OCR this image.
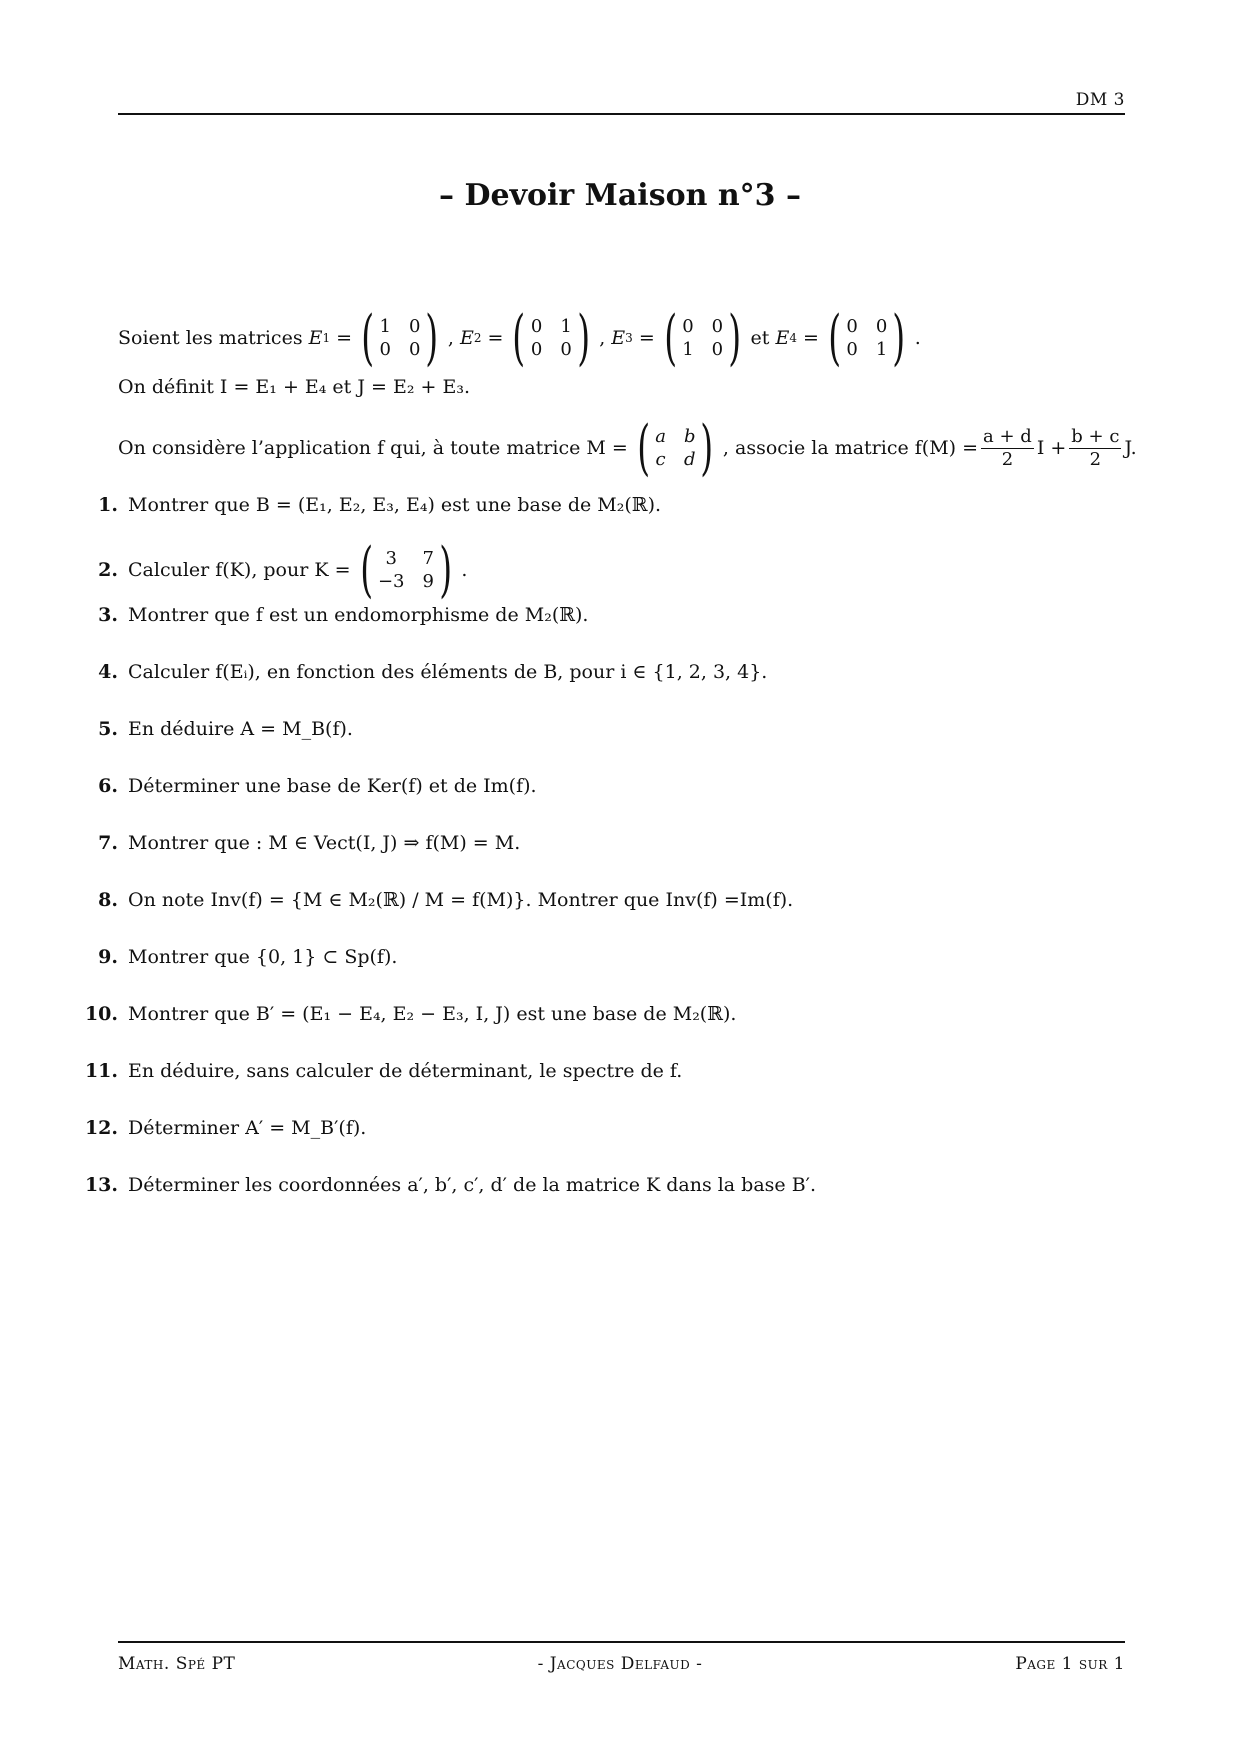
DM 3
– Devoir Maison n°3 –
Soient les matrices
E 1 = ( 1 0
0 0 ) ,
E 2 = ( 0 1
0 0 ) ,
E 3 = ( 0 0
1 0 ) et
E 4 = ( 0 0
0 1 ) .
On définit I = E₁ + E₄ et J = E₂ + E₃.
On considère l’application f qui, à toute matrice M = ( a b
c d ) , associe la matrice $f(M) = \frac{a + d}{2}$ $I + \frac{b + c}{2} J$.
1. Montrer que B = (E₁, E₂, E₃, E₄) est une base de M₂(ℝ).
2. Calculer f(K), pour K = ( 3	7
−3 9 ) .
3. Montrer que f est un endomorphisme de M₂(ℝ).
4. Calculer f(Eᵢ), en fonction des éléments de B, pour i ∈ {1, 2, 3, 4}.
5. En déduire A = M_B(f).
6. Déterminer une base de Ker(f) et de Im(f).
7. Montrer que : M ∈ Vect(I, J) ⇒ f(M) = M.
8. On note Inv(f) = {M ∈ M₂(ℝ) / M = f(M)}. Montrer que Inv(f) =Im(f).
9. Montrer que {0, 1} ⊂ Sp(f).
10. Montrer que B′ = (E₁ − E₄, E₂ − E₃, I, J) est une base de M₂(ℝ).
11. En déduire, sans calculer de déterminant, le spectre de f.
12. Déterminer A′ = M_B′(f).
13. Déterminer les coordonnées a′, b′, c′, d′ de la matrice K dans la base B′.
Math. Spé PT	- Jacques Delfaud -	Page 1 sur 1
